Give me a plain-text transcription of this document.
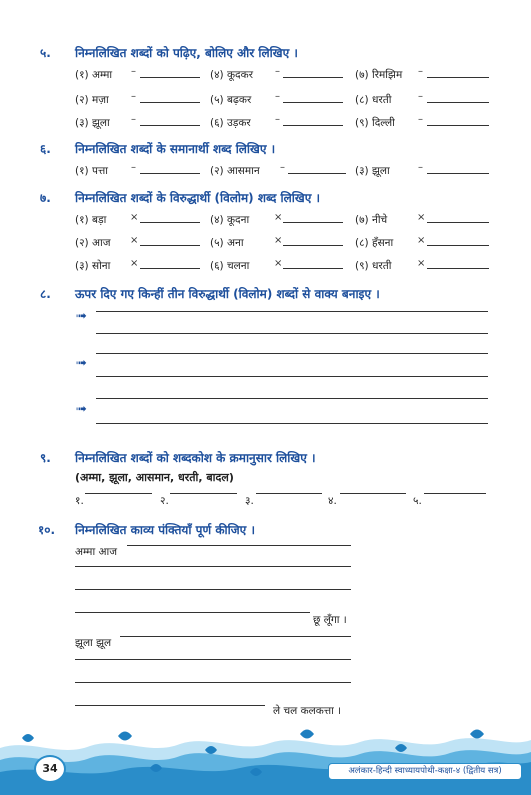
५. निम्नलिखित शब्दों को पढ़िए, बोलिए और लिखिए ।
(१) अम्मा –	(४) कूदकर –	(७) रिमझिम –
(२) मज़ा –	(५) बढ़कर –	(८) धरती	–
(३) झूला –	(६) उड़कर –	(९) दिल्ली –
६. निम्नलिखित शब्दों के समानार्थी शब्द लिखिए ।
(१) पत्ता –	(२) आसमान –	(३) झूला	–
७. निम्नलिखित शब्दों के विरुद्धार्थी (विलोम) शब्द लिखिए ।
(१) बड़ा ×	(४) कूदना ×	(७) नीचे	×
(२) आज ×	(५) अना	×	(८) हँसना ×
(३) सोना ×	(६) चलना ×	(९) धरती	×
८. ऊपर दिए गए किन्हीं तीन विरुद्धार्थी (विलोम) शब्दों से वाक्य बनाइए ।
➟
➟
➟
९. निम्नलिखित शब्दों को शब्दकोश के क्रमानुसार लिखिए ।
(अम्मा, झूला, आसमान, धरती, बादल)
१.	२.	३.	४.	५.
१०. निम्नलिखित काव्य पंक्तियाँ पूर्ण कीजिए ।
अम्मा आज
छू लूँगा ।
झूला झूल
ले चल कलकत्ता ।
34	अलंकार-हिन्दी स्वाध्यायपोथी-कक्षा-४ (द्वितीय सत्र)
